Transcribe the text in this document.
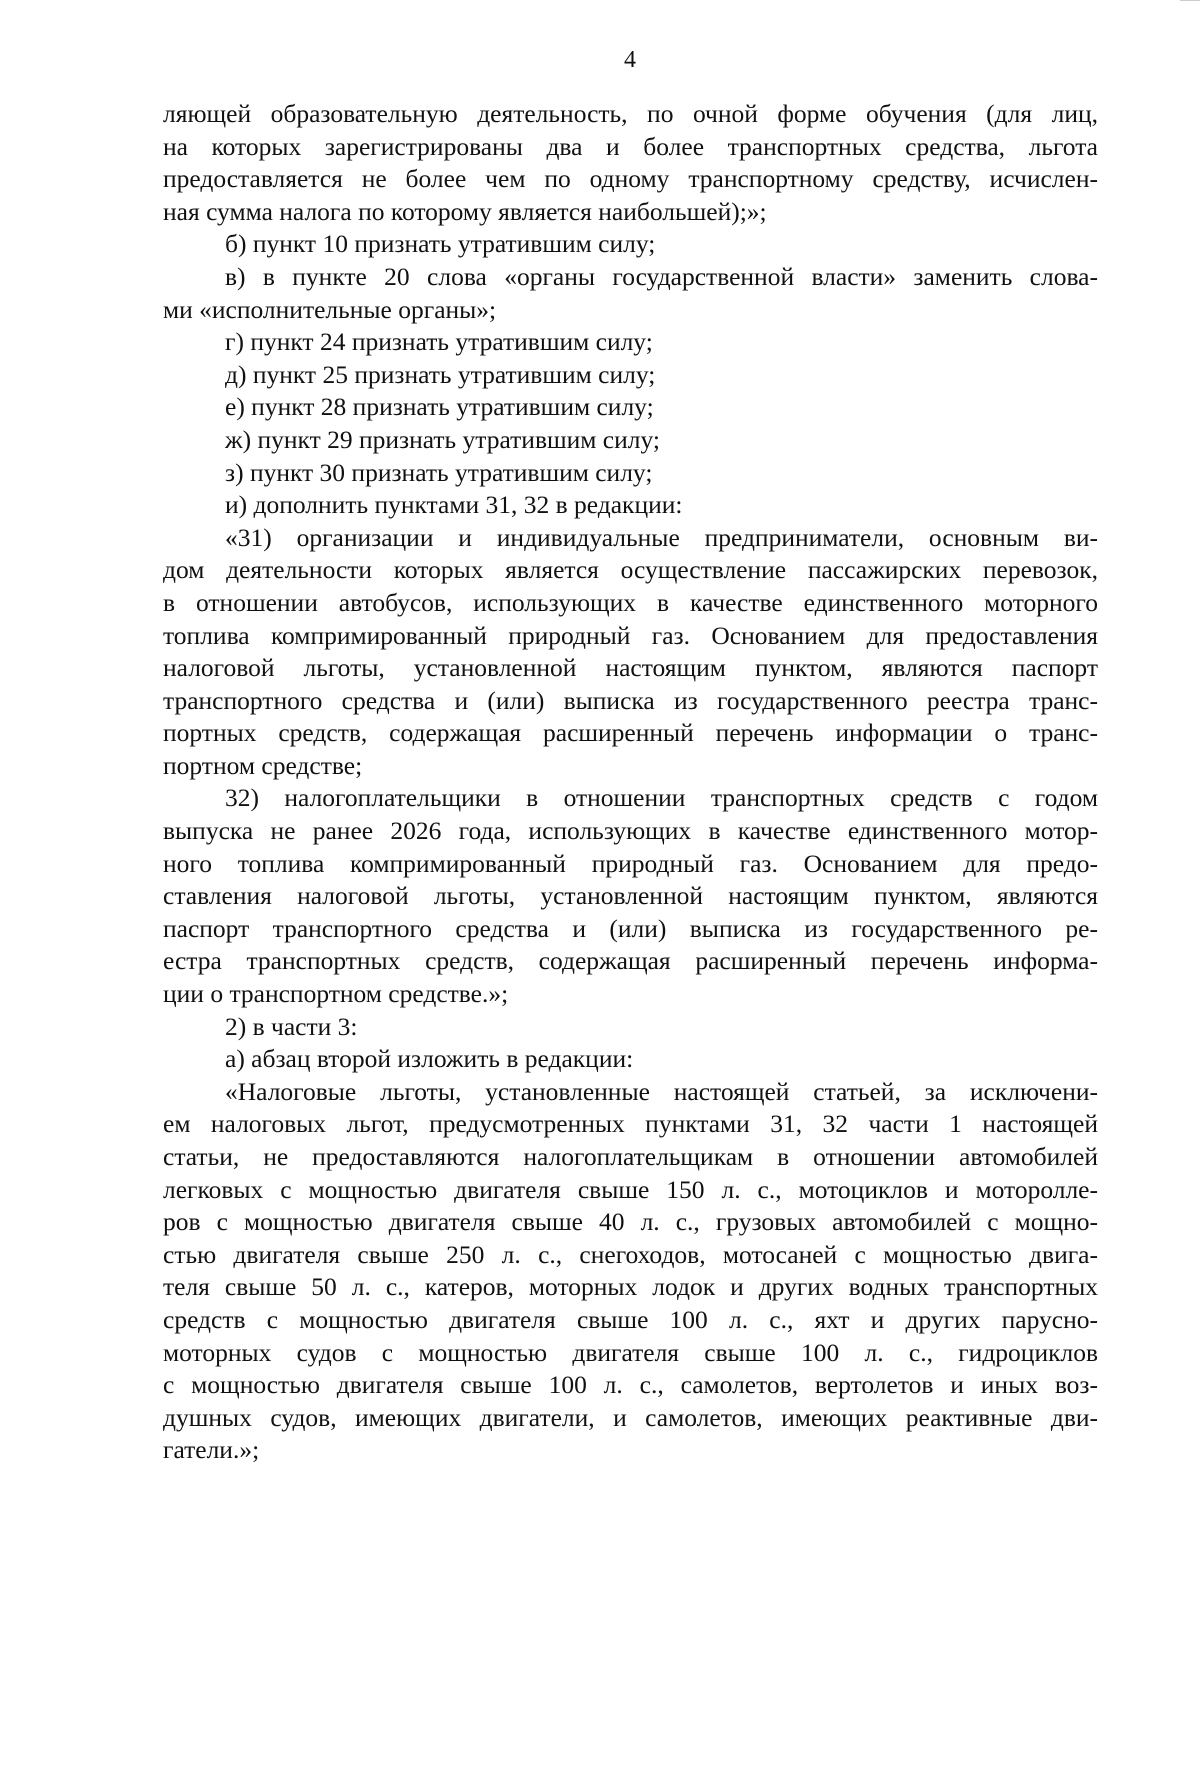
4
ляющей образовательную деятельность, по очной форме обучения (для лиц,
на которых зарегистрированы два и более транспортных средства, льгота
предоставляется не более чем по одному транспортному средству, исчислен-
ная сумма налога по которому является наибольшей);»;
б) пункт 10 признать утратившим силу;
в) в пункте 20 слова «органы государственной власти» заменить слова-
ми «исполнительные органы»;
г) пункт 24 признать утратившим силу;
д) пункт 25 признать утратившим силу;
е) пункт 28 признать утратившим силу;
ж) пункт 29 признать утратившим силу;
з) пункт 30 признать утратившим силу;
и) дополнить пунктами 31, 32 в редакции:
«31) организации и индивидуальные предприниматели, основным ви-
дом деятельности которых является осуществление пассажирских перевозок,
в отношении автобусов, использующих в качестве единственного моторного
топлива компримированный природный газ. Основанием для предоставления
налоговой льготы, установленной настоящим пунктом, являются паспорт
транспортного средства и (или) выписка из государственного реестра транс-
портных средств, содержащая расширенный перечень информации о транс-
портном средстве;
32) налогоплательщики в отношении транспортных средств с годом
выпуска не ранее 2026 года, использующих в качестве единственного мотор-
ного топлива компримированный природный газ. Основанием для предо-
ставления налоговой льготы, установленной настоящим пунктом, являются
паспорт транспортного средства и (или) выписка из государственного ре-
естра транспортных средств, содержащая расширенный перечень информа-
ции о транспортном средстве.»;
2) в части 3:
а) абзац второй изложить в редакции:
«Налоговые льготы, установленные настоящей статьей, за исключени-
ем налоговых льгот, предусмотренных пунктами 31, 32 части 1 настоящей
статьи, не предоставляются налогоплательщикам в отношении автомобилей
легковых с мощностью двигателя свыше 150 л. с., мотоциклов и мотороллe-
ров с мощностью двигателя свыше 40 л. с., грузовых автомобилей с мощно-
стью двигателя свыше 250 л. с., снегоходов, мотосаней с мощностью двига-
теля свыше 50 л. с., катеров, моторных лодок и других водных транспортных
средств с мощностью двигателя свыше 100 л. с., яхт и других парусно-
моторных судов с мощностью двигателя свыше 100 л. с., гидроциклов
с мощностью двигателя свыше 100 л. с., самолетов, вертолетов и иных воз-
душных судов, имеющих двигатели, и самолетов, имеющих реактивные дви-
гатели.»;
